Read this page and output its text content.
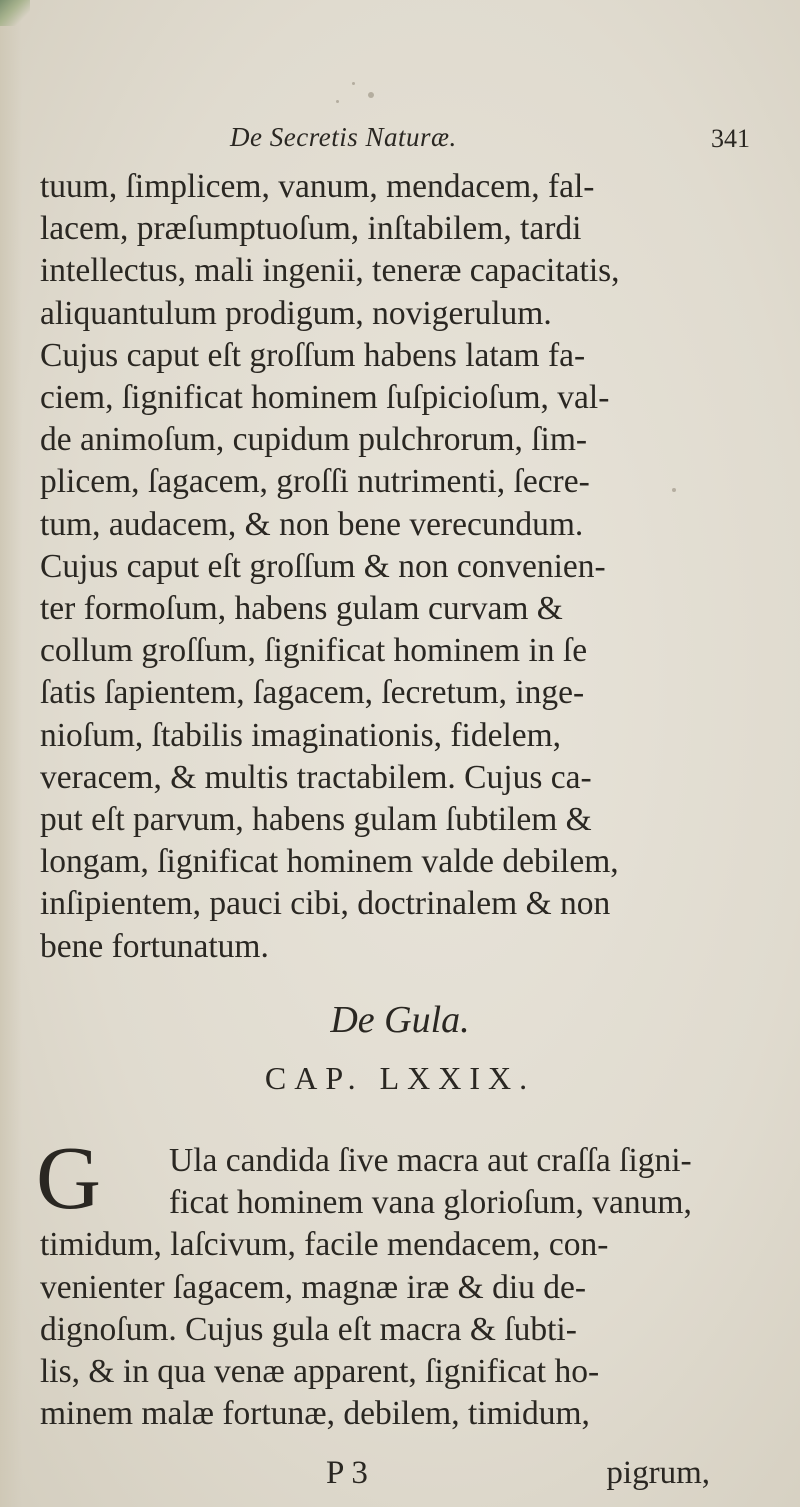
De Secretis Naturæ.	341
tuum, ſimplicem, vanum, mendacem, fal-
lacem, præſumptuoſum, inſtabilem, tardi
intellectus, mali ingenii, teneræ capacitatis,
aliquantulum prodigum, novigerulum.
Cujus caput eſt groſſum habens latam fa-
ciem, ſignificat hominem ſuſpicioſum, val-
de animoſum, cupidum pulchrorum, ſim-
plicem, ſagacem, groſſi nutrimenti, ſecre-
tum, audacem, & non bene verecundum.
Cujus caput eſt groſſum & non convenien-
ter formoſum, habens gulam curvam &
collum groſſum, ſignificat hominem in ſe
ſatis ſapientem, ſagacem, ſecretum, inge-
nioſum, ſtabilis imaginationis, fidelem,
veracem, & multis tractabilem. Cujus ca-
put eſt parvum, habens gulam ſubtilem &
longam, ſignificat hominem valde debilem,
inſipientem, pauci cibi, doctrinalem & non
bene fortunatum.
De Gula.
CAP. LXXIX.
G	Ula candida ſive macra aut craſſa ſigni-
ficat hominem vana glorioſum, vanum,
timidum, laſcivum, facile mendacem, con-
venienter ſagacem, magnæ iræ & diu de-
dignoſum. Cujus gula eſt macra & ſubti-
lis, & in qua venæ apparent, ſignificat ho-
minem malæ fortunæ, debilem, timidum,
P 3	pigrum,
